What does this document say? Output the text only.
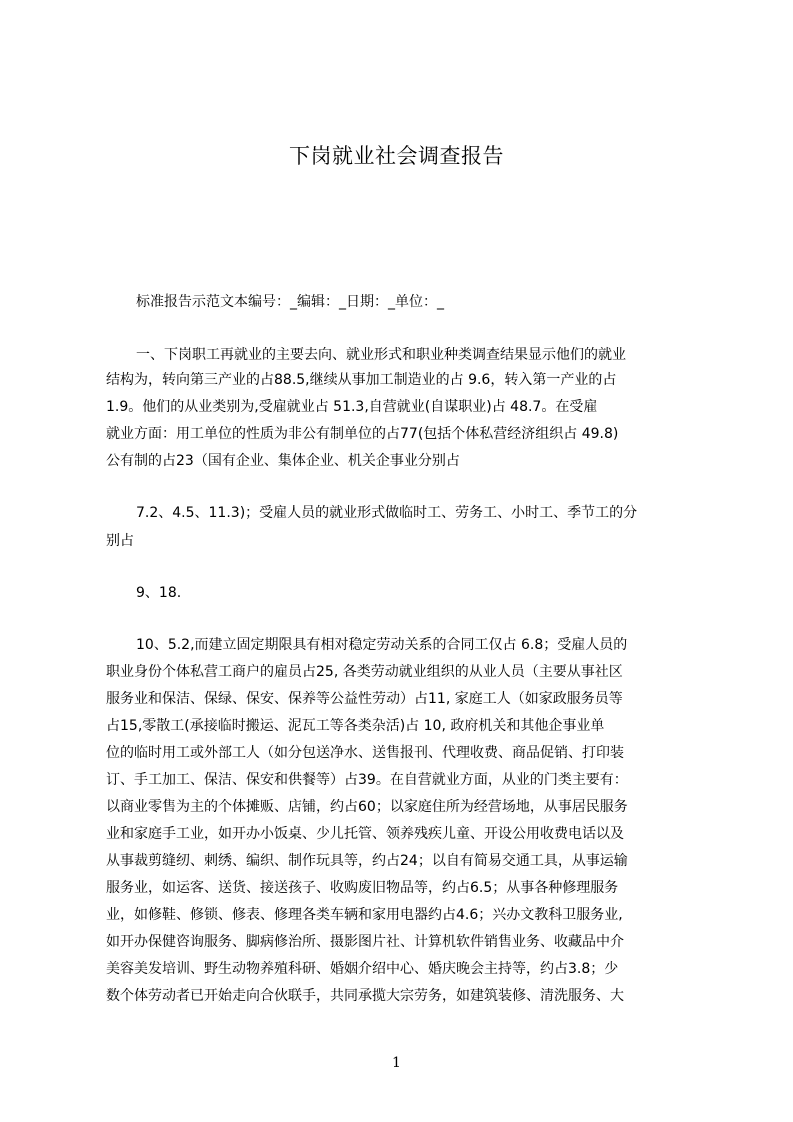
下岗就业社会调查报告
标准报告示范文本编号：_编辑：_日期：_单位：_
一、下岗职工再就业的主要去向、就业形式和职业种类调查结果显示他们的就业
结构为，转向第三产业的占88.5,继续从事加工制造业的占 9.6，转入第一产业的占
1.9。他们的从业类别为,受雇就业占 51.3,自营就业(自谋职业)占 48.7。在受雇
就业方面：用工单位的性质为非公有制单位的占77(包括个体私营经济组织占 49.8)
公有制的占23（国有企业、集体企业、机关企事业分别占
7.2、4.5、11.3)；受雇人员的就业形式做临时工、劳务工、小时工、季节工的分
别占
9、18.
10、5.2,而建立固定期限具有相对稳定劳动关系的合同工仅占 6.8；受雇人员的
职业身份个体私营工商户的雇员占25, 各类劳动就业组织的从业人员（主要从事社区
服务业和保洁、保绿、保安、保养等公益性劳动）占11, 家庭工人（如家政服务员等
占15,零散工(承接临时搬运、泥瓦工等各类杂活)占 10, 政府机关和其他企事业单
位的临时用工或外部工人（如分包送净水、送售报刊、代理收费、商品促销、打印装
订、手工加工、保洁、保安和供餐等）占39。在自营就业方面，从业的门类主要有：
以商业零售为主的个体摊贩、店铺，约占60；以家庭住所为经营场地，从事居民服务
业和家庭手工业，如开办小饭桌、少儿托管、领养残疾儿童、开设公用收费电话以及
从事裁剪缝纫、刺绣、编织、制作玩具等，约占24；以自有简易交通工具，从事运输
服务业，如运客、送货、接送孩子、收购废旧物品等，约占6.5；从事各种修理服务
业，如修鞋、修锁、修表、修理各类车辆和家用电器约占4.6；兴办文教科卫服务业,
如开办保健咨询服务、脚病修治所、摄影图片社、计算机软件销售业务、收藏品中介
美容美发培训、野生动物养殖科研、婚姻介绍中心、婚庆晚会主持等，约占3.8；少
数个体劳动者已开始走向合伙联手，共同承揽大宗劳务，如建筑装修、清洗服务、大
1
